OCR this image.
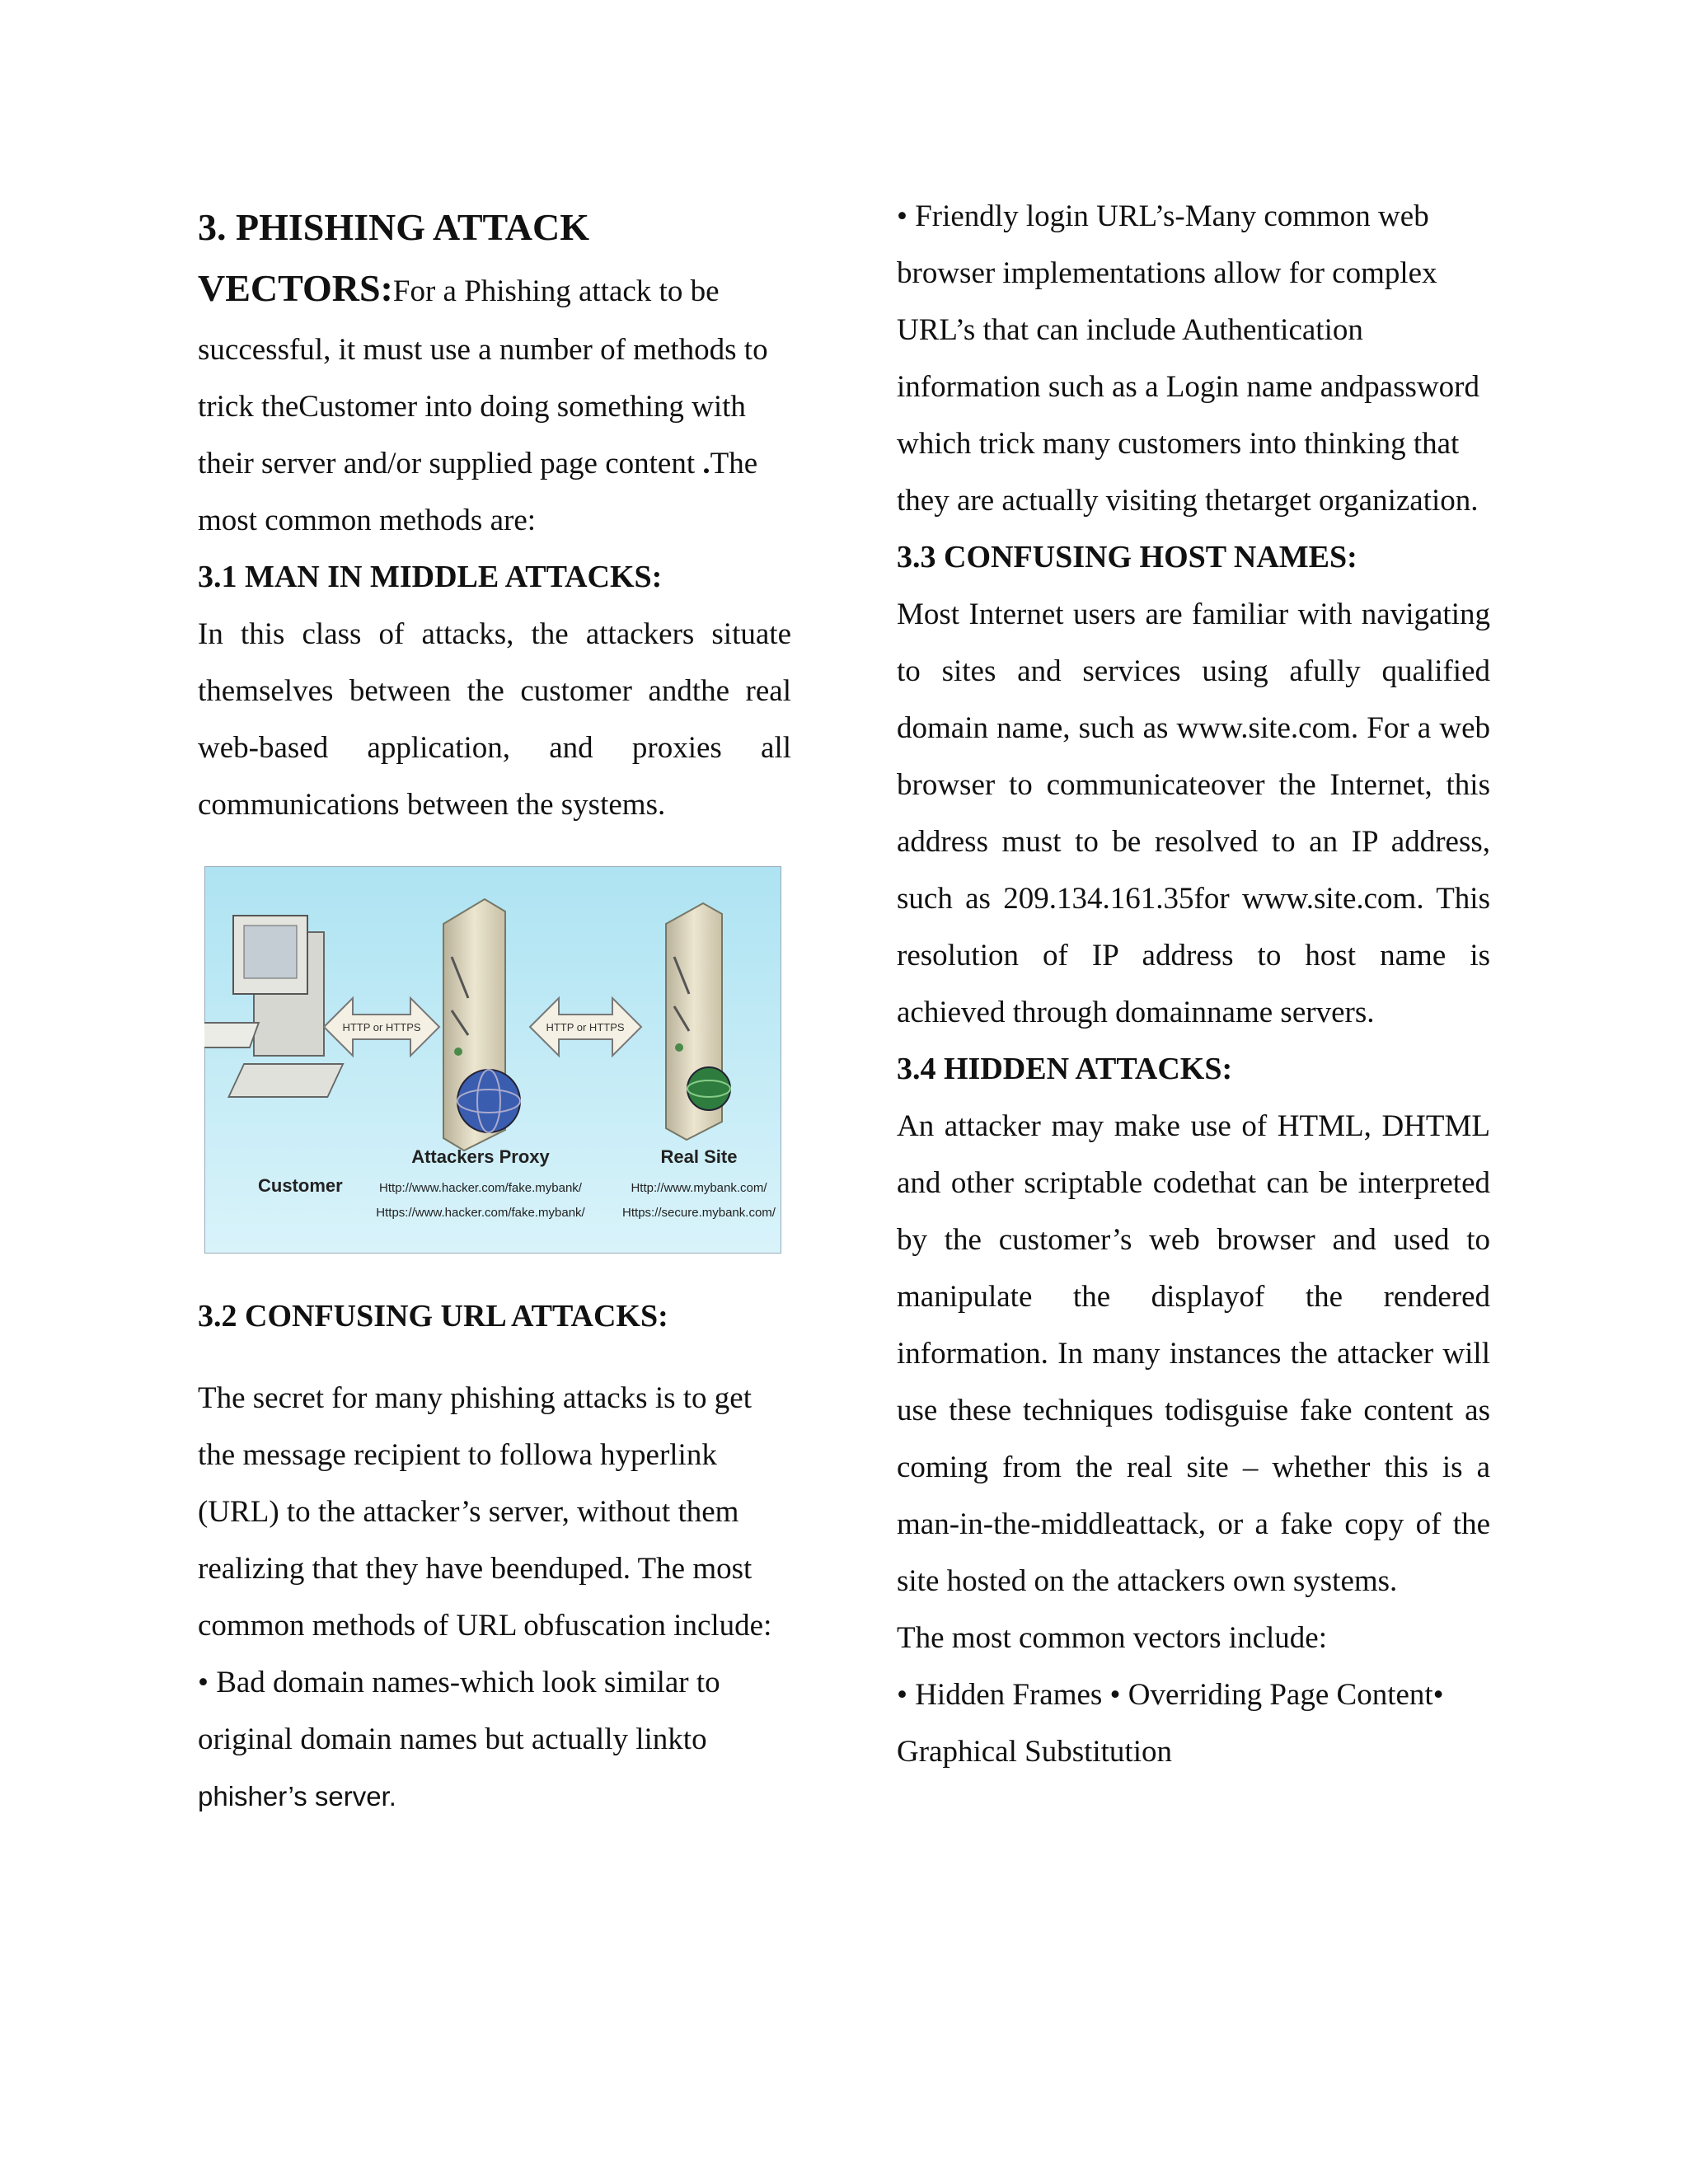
3. PHISHING ATTACK

VECTORS:For a Phishing attack to be

successful, it must use a number of methods to trick theCustomer into doing something with their server and/or supplied page content .The most common methods are:

3.1 MAN IN MIDDLE ATTACKS:

In this class of attacks, the attackers situate themselves between the customer andthe real web-based application, and proxies all communications between the systems.

HTTP or HTTPS	HTTP or HTTPS
Customer
Attackers Proxy
Http://www.hacker.com/fake.mybank/
Https://www.hacker.com/fake.mybank/
Real Site
Http://www.mybank.com/
Https://secure.mybank.com/

3.2 CONFUSING URL ATTACKS:

The secret for many phishing attacks is to get the message recipient to followa hyperlink (URL) to the attacker’s server, without them realizing that they have beenduped. The most common methods of URL obfuscation include:

• Bad domain names-which look similar to original domain names but actually linkto

phisher’s server.

• Friendly login URL’s-Many common web browser implementations allow for complex URL’s that can include Authentication information such as a Login name andpassword which trick many customers into thinking that they are actually visiting thetarget organization.

3.3 CONFUSING HOST NAMES:

Most Internet users are familiar with navigating to sites and services using afully qualified domain name, such as www.site.com. For a web browser to communicateover the Internet, this address must to be resolved to an IP address, such as 209.134.161.35for www.site.com. This resolution of IP address to host name is achieved through domainname servers.

3.4 HIDDEN ATTACKS:

An attacker may make use of HTML, DHTML and other scriptable codethat can be interpreted by the customer’s web browser and used to manipulate the displayof the rendered information. In many instances the attacker will use these techniques todisguise fake content as coming from the real site – whether this is a man-in-the-middleattack, or a fake copy of the site hosted on the attackers own systems.

The most common vectors include:

• Hidden Frames • Overriding Page Content• Graphical Substitution
